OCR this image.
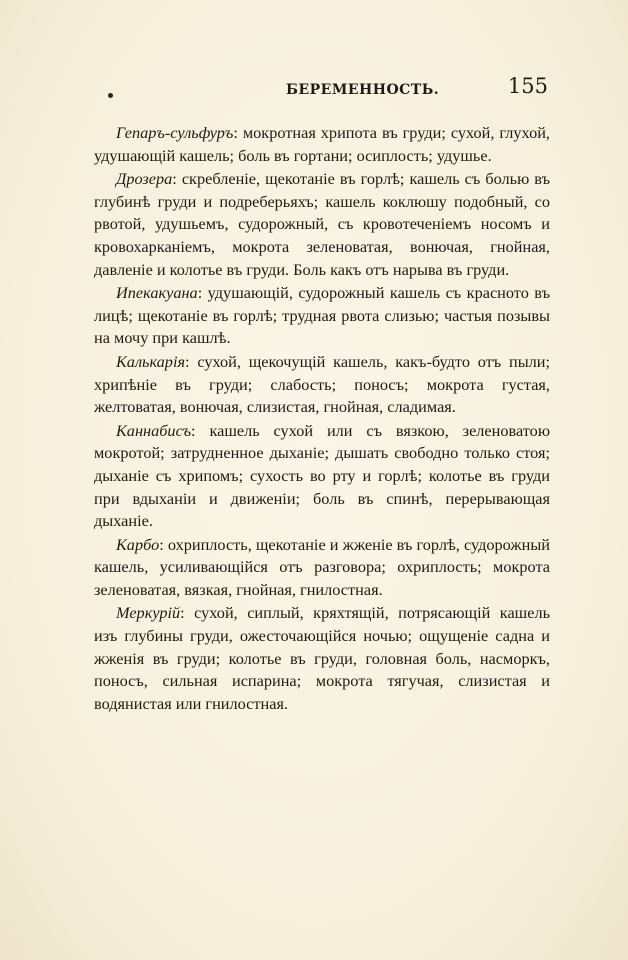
БЕРЕМЕННОСТЬ.	155

Гепаръ-сульфуръ: мокротная хрипота въ груди; сухой, глухой, удушающій кашель; боль въ гортани; осиплость; удушье.

Дрозера: скребленіе, щекотаніе въ горлѣ; кашель съ болью въ глубинѣ груди и подреберьяхъ; кашель коклюшу подобный, со рвотой, удушьемъ, судорожный, съ кровотеченіемъ носомъ и кровохарканіемъ, мокрота зеленоватая, вонючая, гнойная, давленіе и колотье въ груди. Боль какъ отъ нарыва въ груди.

Ипекакуана: удушающій, судорожный кашель съ красното въ лицѣ; щекотаніе въ горлѣ; трудная рвота слизью; частыя позывы на мочу при кашлѣ.

Калькарія: сухой, щекочущій кашель, какъ-будто отъ пыли; хрипѣніе въ груди; слабость; поносъ; мокрота густая, желтоватая, вонючая, слизистая, гнойная, сладимая.

Каннабисъ: кашель сухой или съ вязкою, зеленоватою мокротой; затрудненное дыханіе; дышать свободно только стоя; дыханіе съ хрипомъ; сухость во рту и горлѣ; колотье въ груди при вдыханіи и движеніи; боль въ спинѣ, перерывающая дыханіе.

Карбо: охриплость, щекотаніе и жженіе въ горлѣ, судорожный кашель, усиливающійся отъ разговора; охриплость; мокрота зеленоватая, вязкая, гнойная, гнилостная.

Меркурій: сухой, сиплый, кряхтящій, потрясающій кашель изъ глубины груди, ожесточающійся ночью; ощущеніе садна и жженія въ груди; колотье въ груди, головная боль, насморкъ, поносъ, сильная испарина; мокрота тягучая, слизистая и водянистая или гнилостная.
